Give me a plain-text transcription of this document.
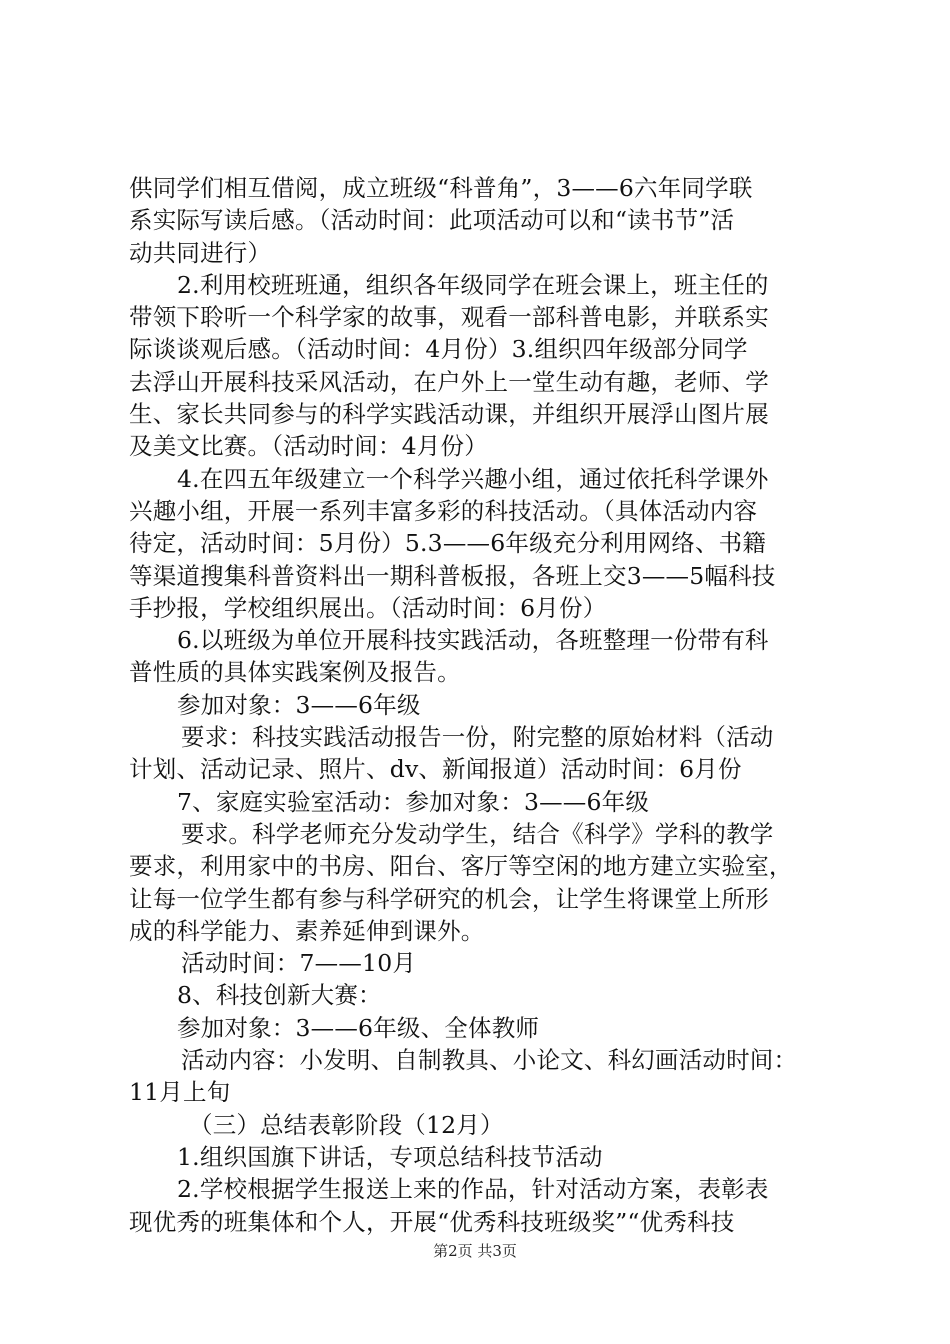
供同学们相互借阅，成立班级“科普角”，3——6六年同学联
系实际写读后感。（活动时间：此项活动可以和“读书节”活
动共同进行）
2.利用校班班通，组织各年级同学在班会课上，班主任的
带领下聆听一个科学家的故事，观看一部科普电影，并联系实
际谈谈观后感。（活动时间：4月份）3.组织四年级部分同学
去浮山开展科技采风活动，在户外上一堂生动有趣，老师、学
生、家长共同参与的科学实践活动课，并组织开展浮山图片展
及美文比赛。（活动时间：4月份）
4.在四五年级建立一个科学兴趣小组，通过依托科学课外
兴趣小组，开展一系列丰富多彩的科技活动。（具体活动内容
待定，活动时间：5月份）5.3——6年级充分利用网络、书籍
等渠道搜集科普资料出一期科普板报，各班上交3——5幅科技
手抄报，学校组织展出。（活动时间：6月份）
6.以班级为单位开展科技实践活动，各班整理一份带有科
普性质的具体实践案例及报告。
参加对象：3——6年级
要求：科技实践活动报告一份，附完整的原始材料（活动
计划、活动记录、照片、dv、新闻报道）活动时间：6月份
7、家庭实验室活动：参加对象：3——6年级
要求。科学老师充分发动学生，结合《科学》学科的教学
要求，利用家中的书房、阳台、客厅等空闲的地方建立实验室，
让每一位学生都有参与科学研究的机会，让学生将课堂上所形
成的科学能力、素养延伸到课外。
活动时间：7——10月
8、科技创新大赛：
参加对象：3——6年级、全体教师
活动内容：小发明、自制教具、小论文、科幻画活动时间：
11月上旬
（三）总结表彰阶段（12月）
1.组织国旗下讲话，专项总结科技节活动
2.学校根据学生报送上来的作品，针对活动方案，表彰表
现优秀的班集体和个人，开展“优秀科技班级奖”“优秀科技
第2页 共3页
